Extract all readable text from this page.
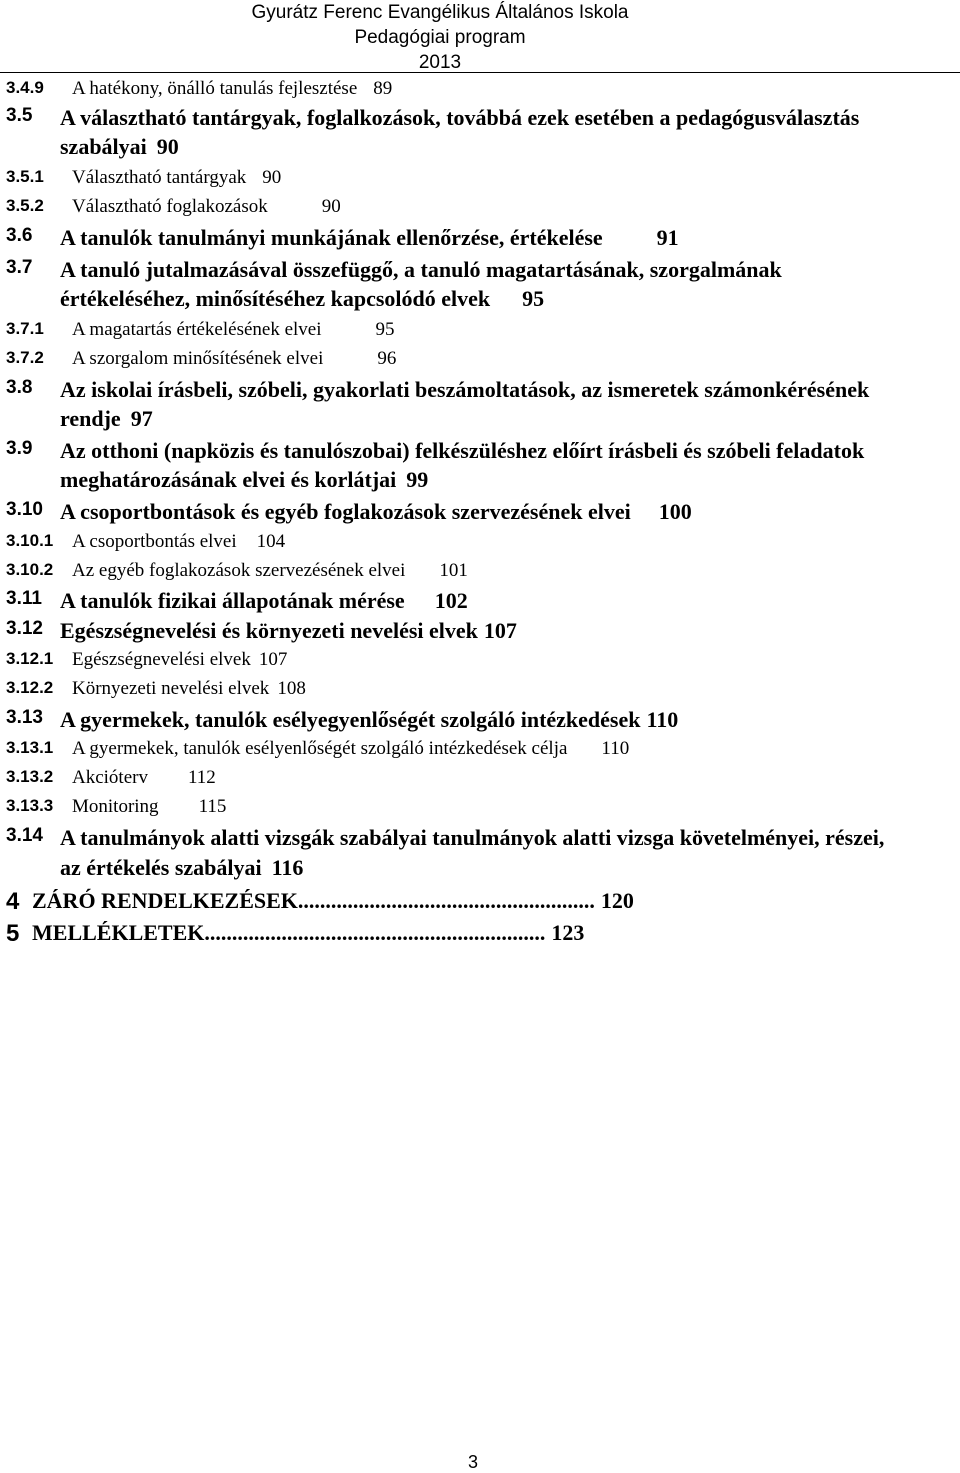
Gyurátz Ferenc Evangélikus Általános Iskola
Pedagógiai program
2013
3.4.9 A hatékony, önálló tanulás fejlesztése 89
3.5 A választható tantárgyak, foglalkozások, továbbá ezek esetében a pedagógusválasztás
szabályai 90
3.5.1 Választható tantárgyak 90
3.5.2 Választható foglakozások	90
3.6 A tanulók tanulmányi munkájának ellenőrzése, értékelése 91
3.7 A tanuló jutalmazásával összefüggő, a tanuló magatartásának, szorgalmának
értékeléséhez, minősítéséhez kapcsolódó elvek 95
3.7.1 A magatartás értékelésének elvei	95
3.7.2 A szorgalom minősítésének elvei	96
3.8 Az iskolai írásbeli, szóbeli, gyakorlati beszámoltatások, az ismeretek számonkérésének
rendje 97
3.9 Az otthoni (napközis és tanulószobai) felkészüléshez előírt írásbeli és szóbeli feladatok
meghatározásának elvei és korlátjai 99
3.10 A csoportbontások és egyéb foglakozások szervezésének elvei 100
3.10.1 A csoportbontás elvei 104
3.10.2 Az egyéb foglakozások szervezésének elvei 101
3.11 A tanulók fizikai állapotának mérése 102
3.12 Egészségnevelési és környezeti nevelési elvek 107
3.12.1 Egészségnevelési elvek 107
3.12.2 Környezeti nevelési elvek 108
3.13 A gyermekek, tanulók esélyegyenlőségét szolgáló intézkedések 110
3.13.1 A gyermekek, tanulók esélyenlőségét szolgáló intézkedések célja 110
3.13.2 Akcióterv 112
3.13.3 Monitoring 115
3.14 A tanulmányok alatti vizsgák szabályai tanulmányok alatti vizsga követelményei, részei,
az értékelés szabályai 116
4 ZÁRÓ RENDELKEZÉSEK...................................................... 120
5 MELLÉKLETEK.............................................................. 123
3
